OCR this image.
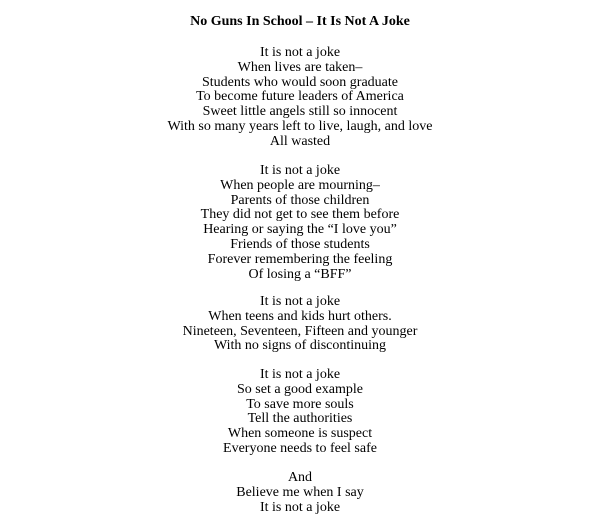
No Guns In School – It Is Not A Joke
It is not a joke
When lives are taken–
Students who would soon graduate
To become future leaders of America
Sweet little angels still so innocent
With so many years left to live, laugh, and love
All wasted
It is not a joke
When people are mourning–
Parents of those children
They did not get to see them before
Hearing or saying the “I love you”
Friends of those students
Forever remembering the feeling
Of losing a “BFF”
It is not a joke
When teens and kids hurt others.
Nineteen, Seventeen, Fifteen and younger
With no signs of discontinuing
It is not a joke
So set a good example
To save more souls
Tell the authorities
When someone is suspect
Everyone needs to feel safe
And
Believe me when I say
It is not a joke
